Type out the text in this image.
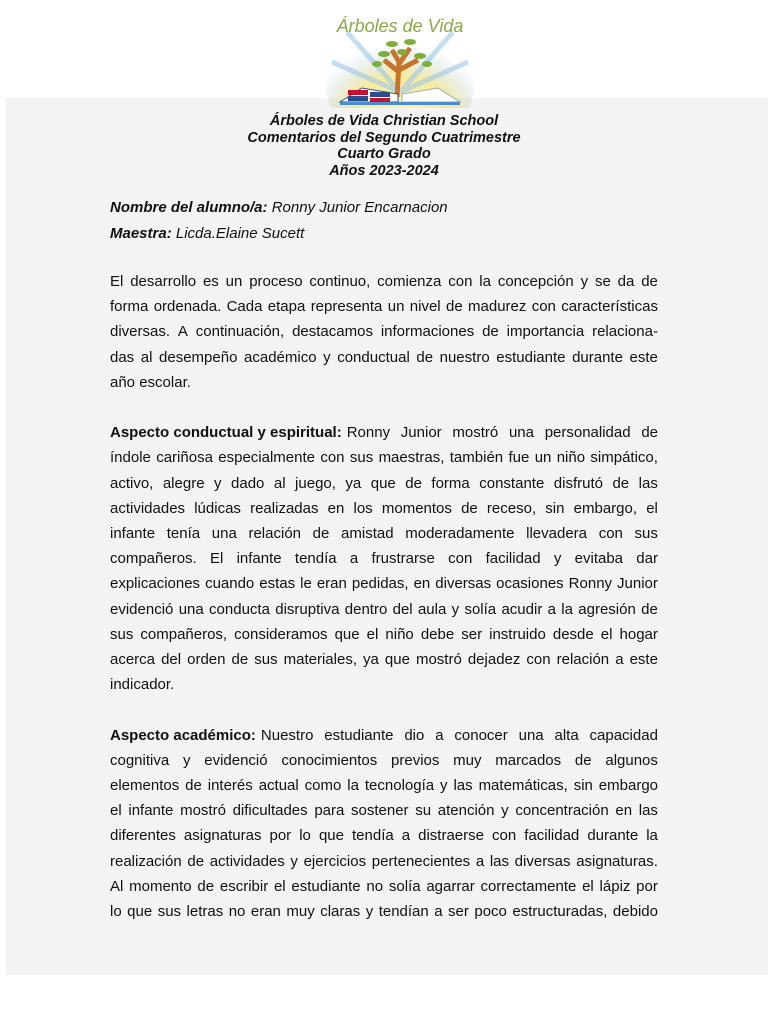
Árboles de Vida
Árboles de Vida Christian School
Comentarios del Segundo Cuatrimestre
Cuarto Grado
Años 2023-2024
Nombre del alumno/a: Ronny Junior Encarnacion
Maestra: Licda.Elaine Sucett
El desarrollo es un proceso continuo, comienza con la concepción y se da de
forma ordenada. Cada etapa representa un nivel de madurez con características
diversas. A continuación, destacamos informaciones de importancia relaciona-
das al desempeño académico y conductual de nuestro estudiante durante este
año escolar.
Aspecto conductual y espiritual: Ronny Junior mostró una personalidad de
índole cariñosa especialmente con sus maestras, también fue un niño simpático,
activo, alegre y dado al juego, ya que de forma constante disfrutó de las
actividades lúdicas realizadas en los momentos de receso, sin embargo, el
infante tenía una relación de amistad moderadamente llevadera con sus
compañeros. El infante tendía a frustrarse con facilidad y evitaba dar
explicaciones cuando estas le eran pedidas, en diversas ocasiones Ronny Junior
evidenció una conducta disruptiva dentro del aula y solía acudir a la agresión de
sus compañeros, consideramos que el niño debe ser instruido desde el hogar
acerca del orden de sus materiales, ya que mostró dejadez con relación a este
indicador.
Aspecto académico: Nuestro estudiante dio a conocer una alta capacidad
cognitiva y evidenció conocimientos previos muy marcados de algunos
elementos de interés actual como la tecnología y las matemáticas, sin embargo
el infante mostró dificultades para sostener su atención y concentración en las
diferentes asignaturas por lo que tendía a distraerse con facilidad durante la
realización de actividades y ejercicios pertenecientes a las diversas asignaturas.
Al momento de escribir el estudiante no solía agarrar correctamente el lápiz por
lo que sus letras no eran muy claras y tendían a ser poco estructuradas, debido
